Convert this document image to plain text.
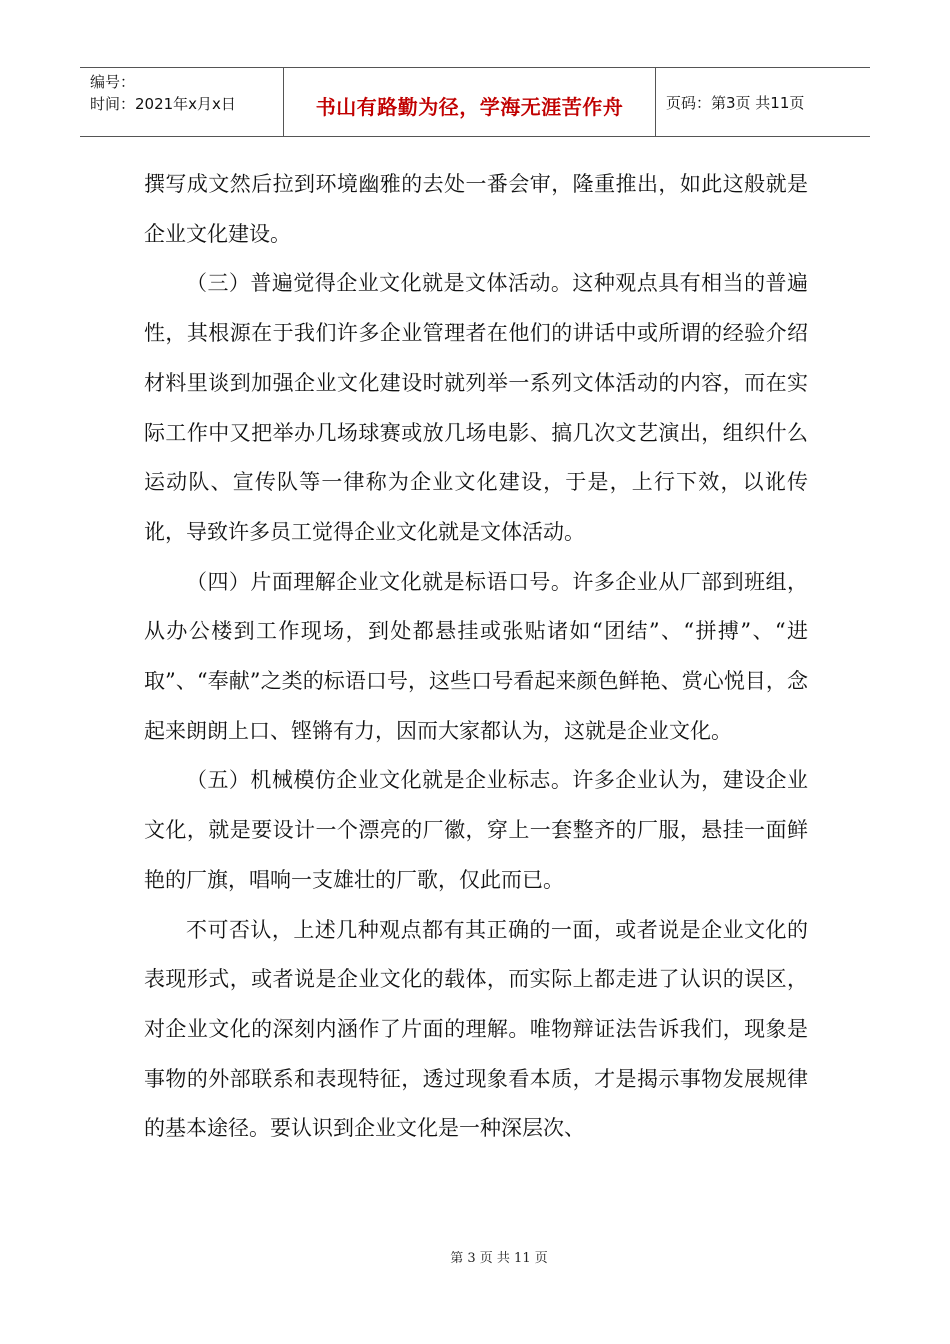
编号：
时间：2021年x月x日	书山有路勤为径，学海无涯苦作舟	页码：第3页 共11页

撰写成文然后拉到环境幽雅的去处一番会审，隆重推出，如此这般就是企业文化建设。

（三）普遍觉得企业文化就是文体活动。这种观点具有相当的普遍性，其根源在于我们许多企业管理者在他们的讲话中或所谓的经验介绍材料里谈到加强企业文化建设时就列举一系列文体活动的内容，而在实际工作中又把举办几场球赛或放几场电影、搞几次文艺演出，组织什么运动队、宣传队等一律称为企业文化建设，于是，上行下效，以讹传讹，导致许多员工觉得企业文化就是文体活动。

（四）片面理解企业文化就是标语口号。许多企业从厂部到班组，从办公楼到工作现场，到处都悬挂或张贴诸如“团结”、“拼搏”、“进取”、“奉献”之类的标语口号，这些口号看起来颜色鲜艳、赏心悦目，念起来朗朗上口、铿锵有力，因而大家都认为，这就是企业文化。

（五）机械模仿企业文化就是企业标志。许多企业认为，建设企业文化，就是要设计一个漂亮的厂徽，穿上一套整齐的厂服，悬挂一面鲜艳的厂旗，唱响一支雄壮的厂歌，仅此而已。

不可否认，上述几种观点都有其正确的一面，或者说是企业文化的表现形式，或者说是企业文化的载体，而实际上都走进了认识的误区，对企业文化的深刻内涵作了片面的理解。唯物辩证法告诉我们，现象是事物的外部联系和表现特征，透过现象看本质，才是揭示事物发展规律的基本途径。要认识到企业文化是一种深层次、

第 3 页 共 11 页
